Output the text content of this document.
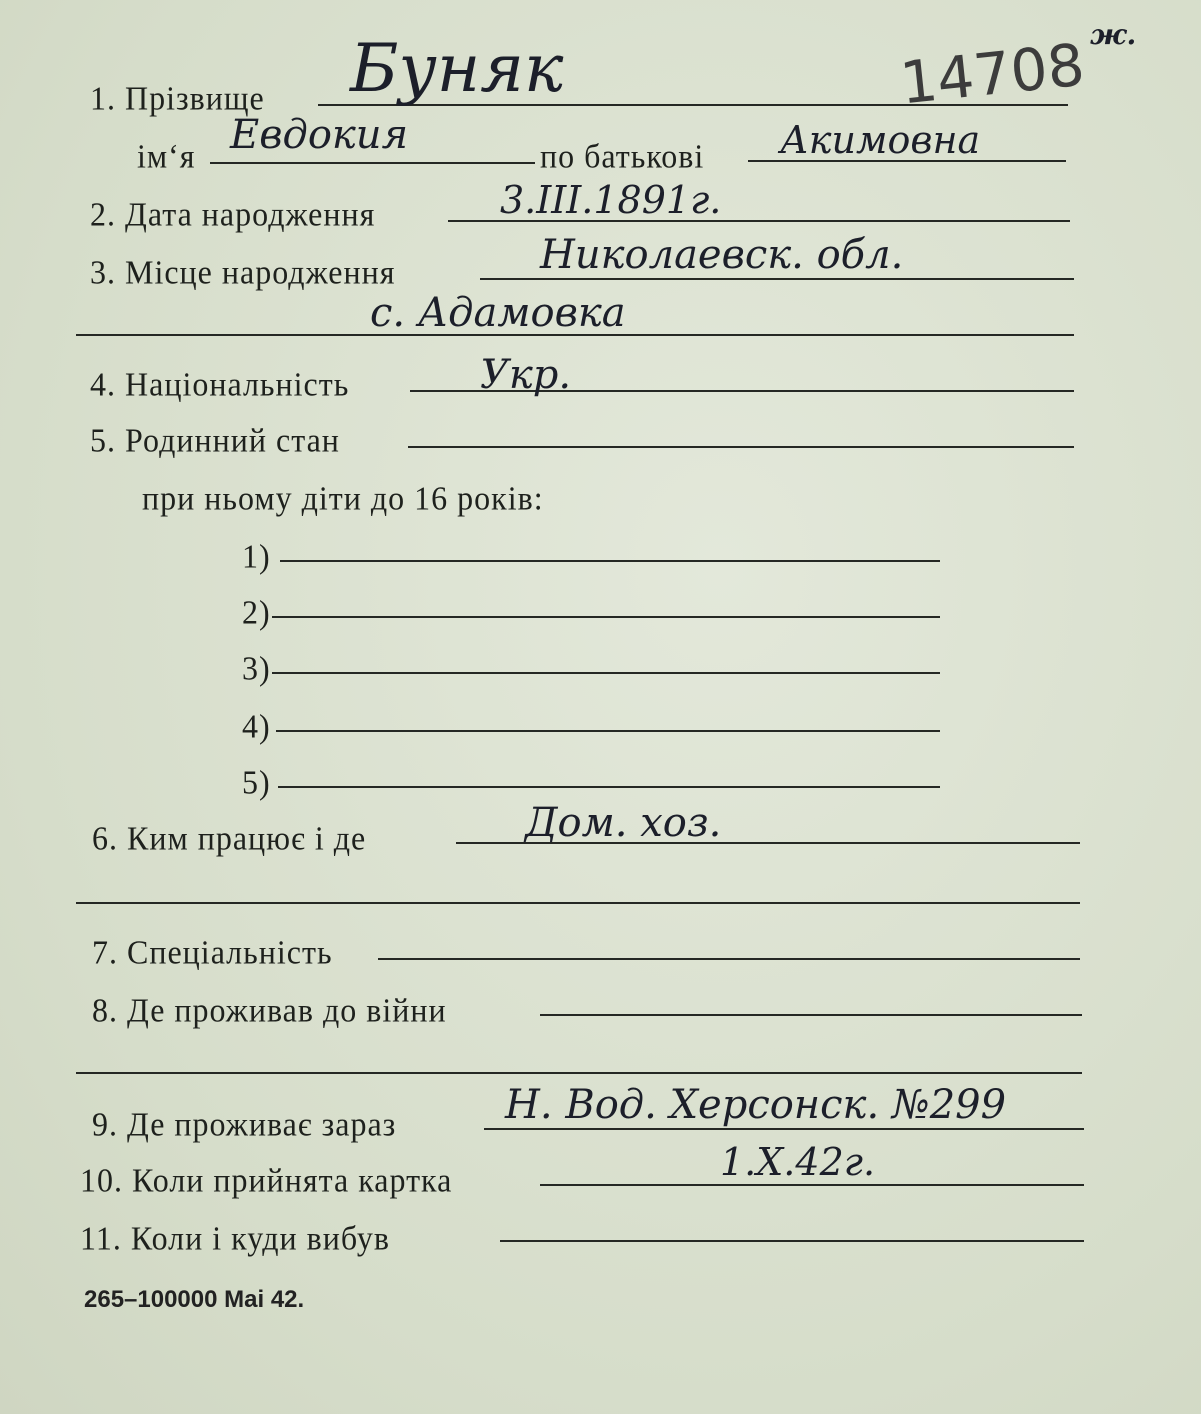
14708 ж.
1. Прізвище Буняк
ім‘я Евдокия	по батькові Акимовна
2. Дата народження	3.III.1891г.
3. Місце народження	Николаевск. обл.
с. Адамовка
4. Національність	Укр.
5. Родинний стан
при ньому діти до 16 років:
1)
2)
3)
4)
5)
6. Ким працює і де	Дом. хоз.
7. Спеціальність
8. Де проживав до війни
9. Де проживає зараз	Н. Вод. Херсонск. №299
10. Коли прийнята картка	1.X.42г.
11. Коли і куди вибув
265–100000 Mai 42.
